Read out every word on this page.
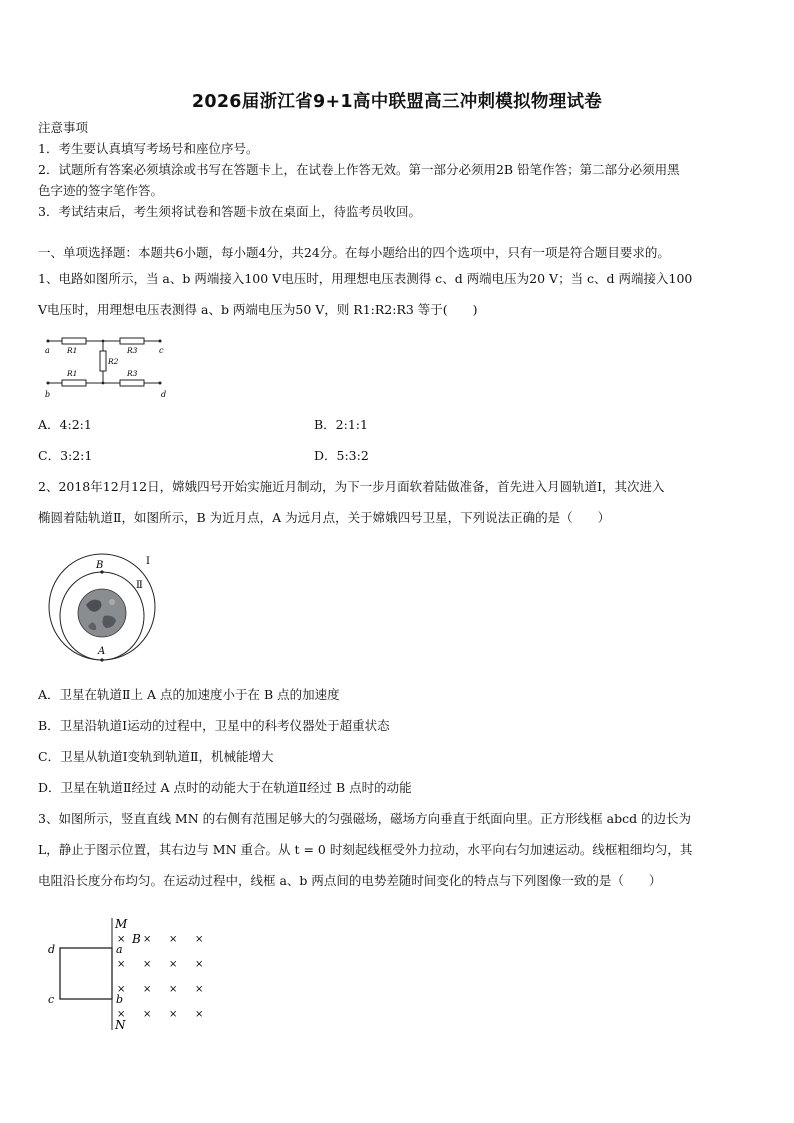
2026届浙江省9+1高中联盟高三冲刺模拟物理试卷
注意事项
1．考生要认真填写考场号和座位序号。
2．试题所有答案必须填涂或书写在答题卡上，在试卷上作答无效。第一部分必须用2B 铅笔作答；第二部分必须用黑
色字迹的签字笔作答。
3．考试结束后，考生须将试卷和答题卡放在桌面上，待监考员收回。
一、单项选择题：本题共6小题，每小题4分，共24分。在每小题给出的四个选项中，只有一项是符合题目要求的。
1、电路如图所示，当 a、b 两端接入100 V电压时，用理想电压表测得 c、d 两端电压为20 V；当 c、d 两端接入100
V电压时，用理想电压表测得 a、b 两端电压为50 V，则 R1:R2:R3 等于(　　)
a
b
c
d
R1	R3
R2
R1	R3
A．4:2:1	B．2:1:1
C．3:2:1	D．5:3:2
2、2018年12月12日，嫦娥四号开始实施近月制动，为下一步月面软着陆做准备，首先进入月圆轨道Ⅰ，其次进入
椭圆着陆轨道Ⅱ，如图所示，B 为近月点，A 为远月点，关于嫦娥四号卫星，下列说法正确的是（　　）
B
A
Ⅰ
Ⅱ
A．卫星在轨道Ⅱ上 A 点的加速度小于在 B 点的加速度
B．卫星沿轨道Ⅰ运动的过程中，卫星中的科考仪器处于超重状态
C．卫星从轨道Ⅰ变轨到轨道Ⅱ，机械能增大
D．卫星在轨道Ⅱ经过 A 点时的动能大于在轨道Ⅱ经过 B 点时的动能
3、如图所示，竖直直线 MN 的右侧有范围足够大的匀强磁场，磁场方向垂直于纸面向里。正方形线框 abcd 的边长为
L，静止于图示位置，其右边与 MN 重合。从 t = 0 时刻起线框受外力拉动，水平向右匀加速运动。线框粗细均匀，其
电阻沿长度分布均匀。在运动过程中，线框 a、b 两点间的电势差随时间变化的特点与下列图像一致的是（　　）
M
N
a
b
c
d
B
× × × ×
× × × ×
× × × ×
× × × ×
